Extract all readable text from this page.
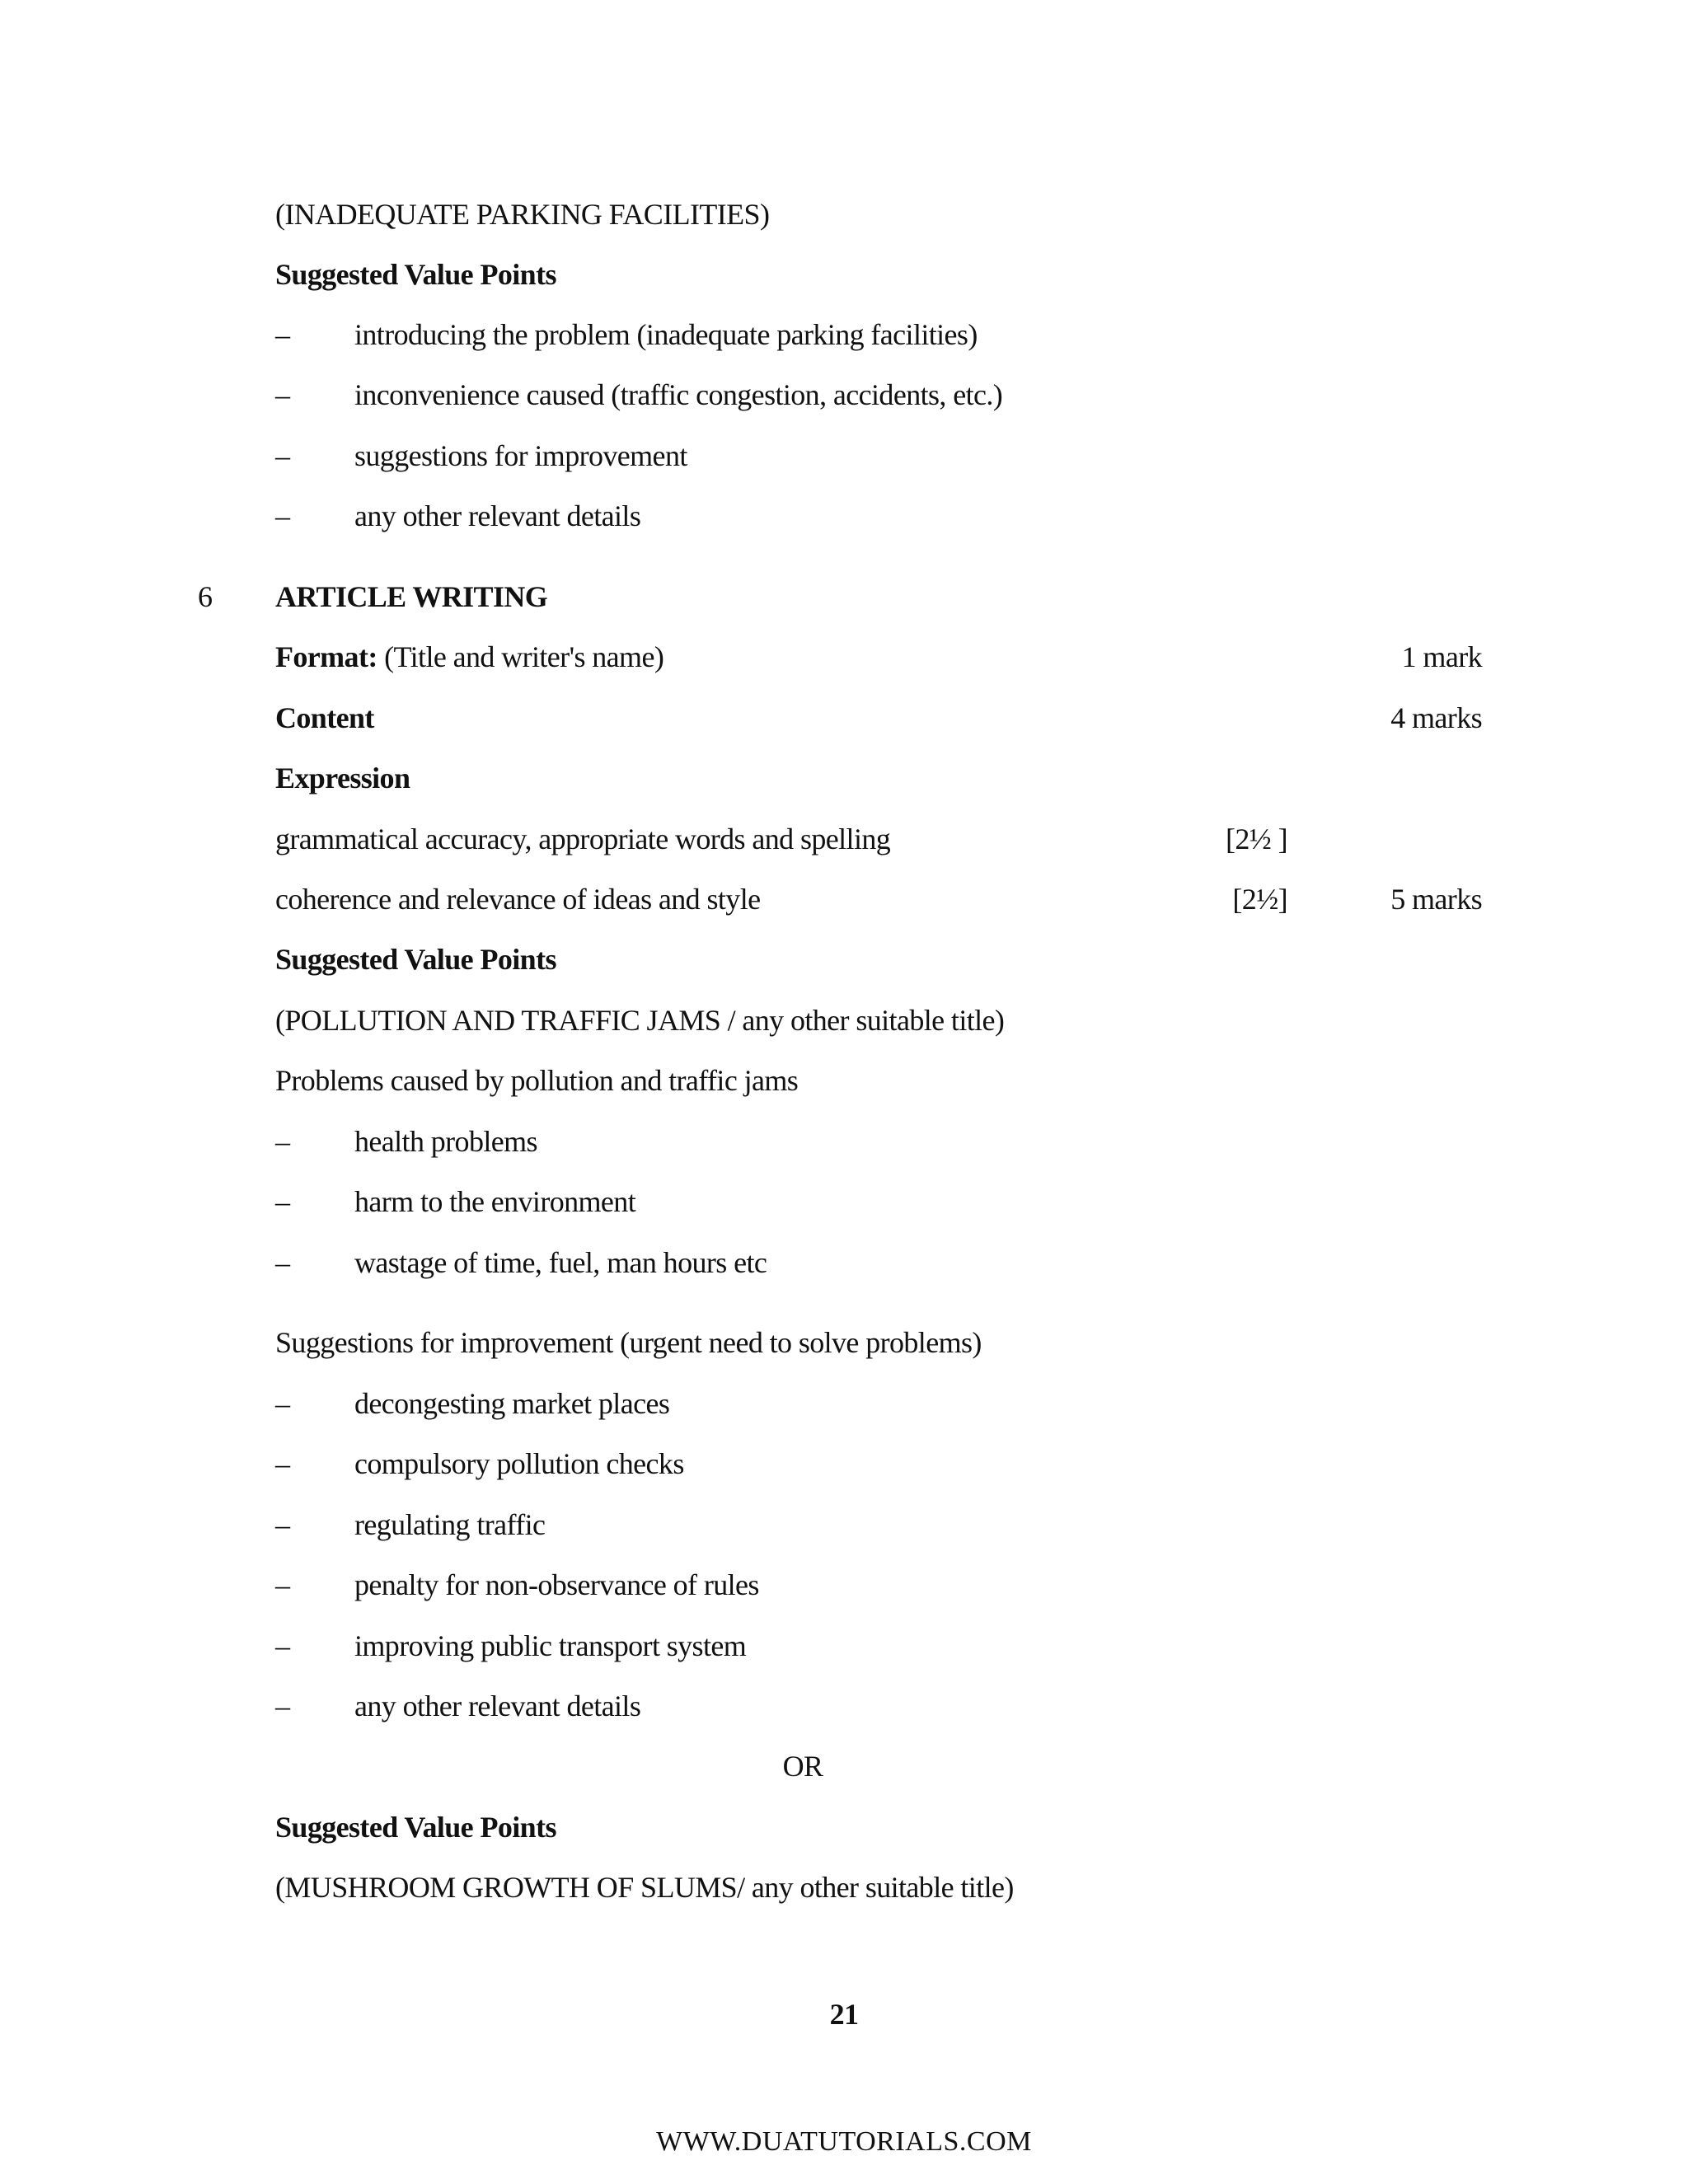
(INADEQUATE PARKING FACILITIES)
Suggested Value Points
– introducing the problem (inadequate parking facilities)
– inconvenience caused (traffic congestion, accidents, etc.)
– suggestions for improvement
– any other relevant details
6 ARTICLE WRITING
Format: (Title and writer's name)	1 mark
Content	4 marks
Expression
grammatical accuracy, appropriate words and spelling	[2½ ]
coherence and relevance of ideas and style	[2½]	5 marks
Suggested Value Points
(POLLUTION AND TRAFFIC JAMS / any other suitable title)
Problems caused by pollution and traffic jams
– health problems
– harm to the environment
– wastage of time, fuel, man hours etc
Suggestions for improvement (urgent need to solve problems)
– decongesting market places
– compulsory pollution checks
– regulating traffic
– penalty for non-observance of rules
– improving public transport system
– any other relevant details
OR
Suggested Value Points
(MUSHROOM GROWTH OF SLUMS/ any other suitable title)
21
WWW.DUATUTORIALS.COM
